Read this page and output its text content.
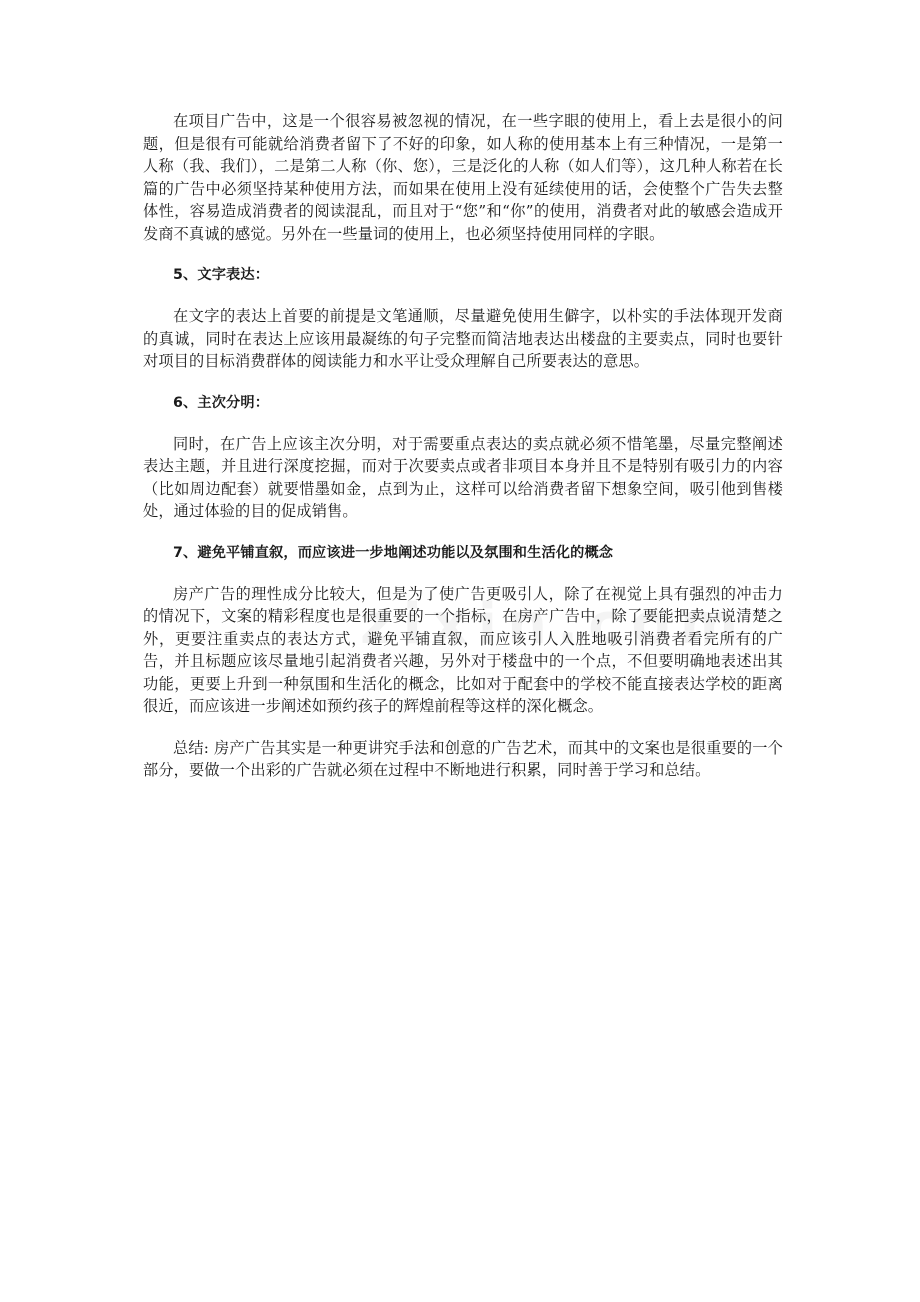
在项目广告中，这是一个很容易被忽视的情况，在一些字眼的使用上，看上去是很小的问题，但是很有可能就给消费者留下了不好的印象，如人称的使用基本上有三种情况，一是第一人称（我、我们），二是第二人称（你、您），三是泛化的人称（如人们等），这几种人称若在长篇的广告中必须坚持某种使用方法，而如果在使用上没有延续使用的话，会使整个广告失去整体性，容易造成消费者的阅读混乱，而且对于“您”和“你”的使用，消费者对此的敏感会造成开发商不真诚的感觉。另外在一些量词的使用上，也必须坚持使用同样的字眼。

5、文字表达：

在文字的表达上首要的前提是文笔通顺，尽量避免使用生僻字，以朴实的手法体现开发商的真诚，同时在表达上应该用最凝练的句子完整而简洁地表达出楼盘的主要卖点，同时也要针对项目的目标消费群体的阅读能力和水平让受众理解自己所要表达的意思。

6、主次分明：

同时，在广告上应该主次分明，对于需要重点表达的卖点就必须不惜笔墨，尽量完整阐述表达主题，并且进行深度挖掘，而对于次要卖点或者非项目本身并且不是特别有吸引力的内容（比如周边配套）就要惜墨如金，点到为止，这样可以给消费者留下想象空间，吸引他到售楼处，通过体验的目的促成销售。

7、避免平铺直叙，而应该进一步地阐述功能以及氛围和生活化的概念

房产广告的理性成分比较大，但是为了使广告更吸引人，除了在视觉上具有强烈的冲击力的情况下，文案的精彩程度也是很重要的一个指标，在房产广告中，除了要能把卖点说清楚之外，更要注重卖点的表达方式，避免平铺直叙，而应该引人入胜地吸引消费者看完所有的广告，并且标题应该尽量地引起消费者兴趣，另外对于楼盘中的一个点，不但要明确地表述出其功能，更要上升到一种氛围和生活化的概念，比如对于配套中的学校不能直接表达学校的距离很近，而应该进一步阐述如预约孩子的辉煌前程等这样的深化概念。

总结: 房产广告其实是一种更讲究手法和创意的广告艺术，而其中的文案也是很重要的一个部分，要做一个出彩的广告就必须在过程中不断地进行积累，同时善于学习和总结。
